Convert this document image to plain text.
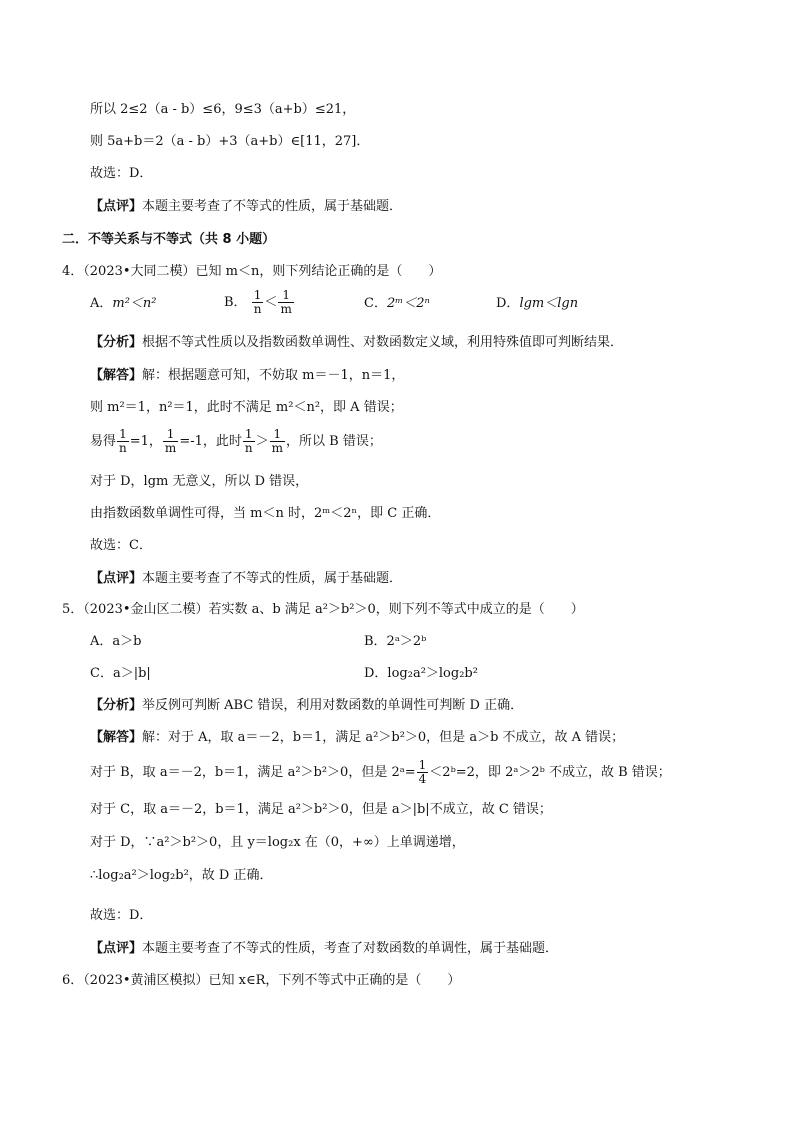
所以 2≤2（a - b）≤6，9≤3（a+b）≤21，
则 5a+b＝2（a - b）+3（a+b）∈[11，27]．
故选：D．
【点评】本题主要考查了不等式的性质，属于基础题．
二．不等关系与不等式（共 8 小题）
4．（2023•大同二模）已知 m＜n，则下列结论正确的是（　　）
A．m²＜n²	B． $\frac{1}{n} < \frac{1}{m}$	C．2ᵐ＜2ⁿ	D．lgm＜lgn
【分析】根据不等式性质以及指数函数单调性、对数函数定义域，利用特殊值即可判断结果．
【解答】解：根据题意可知，不妨取 m＝－1，n＝1，
则 m²＝1，n²＝1，此时不满足 m²＜n²，即 A 错误；
易得 $\frac{1}{n} =1$， $\frac{1}{m} =-1$，此时 $\frac{1}{n} > \frac{1}{m}$ ，所以 B 错误；
对于 D，lgm 无意义，所以 D 错误，
由指数函数单调性可得，当 m＜n 时，2ᵐ＜2ⁿ，即 C 正确．
故选：C．
【点评】本题主要考查了不等式的性质，属于基础题．
5．（2023•金山区二模）若实数 a、b 满足 a²＞b²＞0，则下列不等式中成立的是（　　）
A．a＞b	B．2ᵃ＞2ᵇ
C．a＞|b|	D．log₂a²＞log₂b²
【分析】举反例可判断 ABC 错误，利用对数函数的单调性可判断 D 正确．
【解答】解：对于 A，取 a＝－2，b＝1，满足 a²＞b²＞0，但是 a＞b 不成立，故 A 错误；
对于 B，取 a＝－2，b＝1，满足 a²＞b²＞0，但是 2ᵃ= $\frac{1}{4}$ ＜2ᵇ=2，即 2ᵃ＞2ᵇ 不成立，故 B 错误；
对于 C，取 a＝－2，b＝1，满足 a²＞b²＞0，但是 a＞|b|不成立，故 C 错误；
对于 D，∵a²＞b²＞0，且 y＝log₂x 在（0，+∞）上单调递增，
∴log₂a²＞log₂b²，故 D 正确．
故选：D．
【点评】本题主要考查了不等式的性质，考查了对数函数的单调性，属于基础题．
6．（2023•黄浦区模拟）已知 x∈R，下列不等式中正确的是（　　）
